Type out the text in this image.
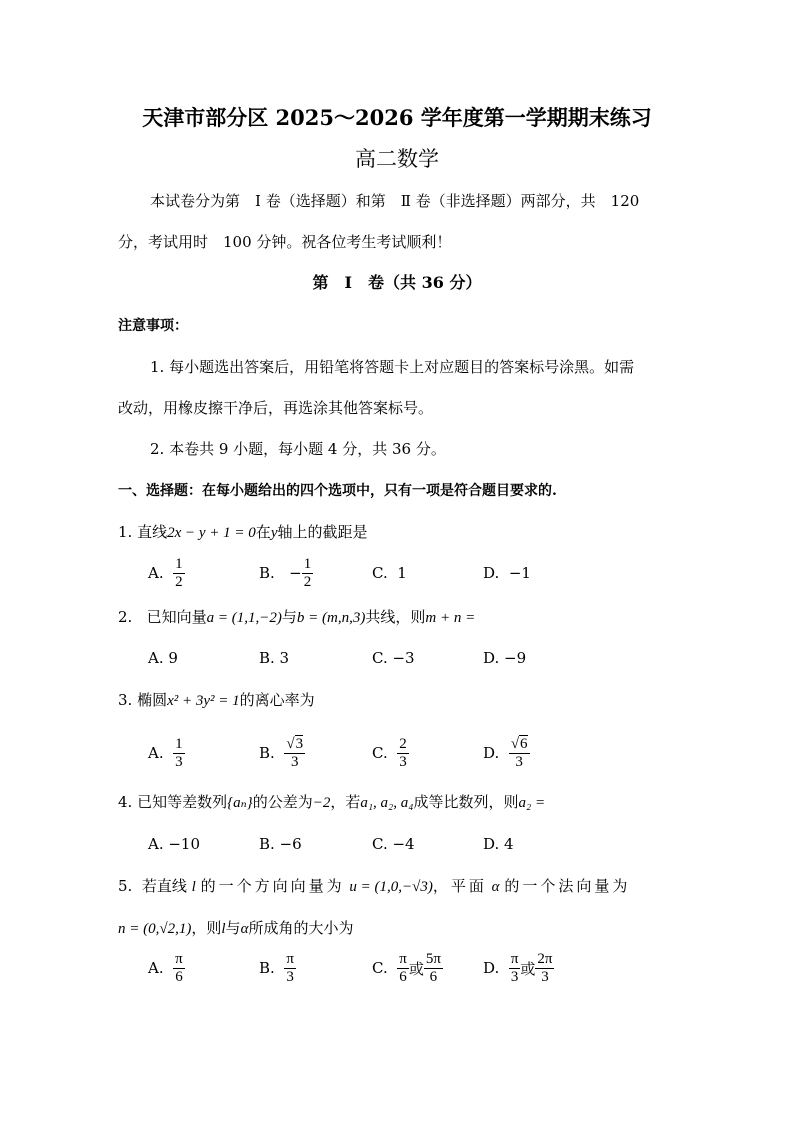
天津市部分区 2025～2026 学年度第一学期期末练习
高二数学
本试卷分为第　Ⅰ 卷（选择题）和第　Ⅱ 卷（非选择题）两部分，共　120
分，考试用时　100 分钟。祝各位考生考试顺利！
第　Ⅰ　卷（共 36 分）
注意事项：
1. 每小题选出答案后，用铅笔将答题卡上对应题目的答案标号涂黑。如需
改动，用橡皮擦干净后，再选涂其他答案标号。
2. 本卷共 9 小题，每小题 4 分，共 36 分。
一、选择题：在每小题给出的四个选项中，只有一项是符合题目要求的.
1. 直线2x − y + 1 = 0在y轴上的截距是
A.
$\frac{1}{2}$	B.
− $\frac{1}{2}$	C.
1	D.
−1
2. 已知向量a = (1,1,−2)与b = (m,n,3)共线，则m + n =
A. 9	B. 3	C. −3	D. −9
3. 椭圆x² + 3y² = 1的离心率为
A.
$\frac{1}{3}$	B.
$\frac{√3}{3}$	C.
$\frac{2}{3}$	D.
$\frac{√6}{3}$
4. 已知等差数列{aₙ}的公差为−2，若a₁, a₂, a₄成等比数列，则a₂ =
A. −10	B. −6	C. −4	D. 4
5. 若直线 l 的一个方向向量为 u = (1,0,−√3)，平面 α 的一个法向量为
n = (0,√2,1)，则l与α所成角的大小为
A.
$\frac{\pi}{6}$	B.
$\frac{\pi}{3}$	C.
$\frac{\pi}{6}$ 或 $\frac{5\pi}{6}$	D.
$\frac{\pi}{3}$ 或 $\frac{2\pi}{3}$
